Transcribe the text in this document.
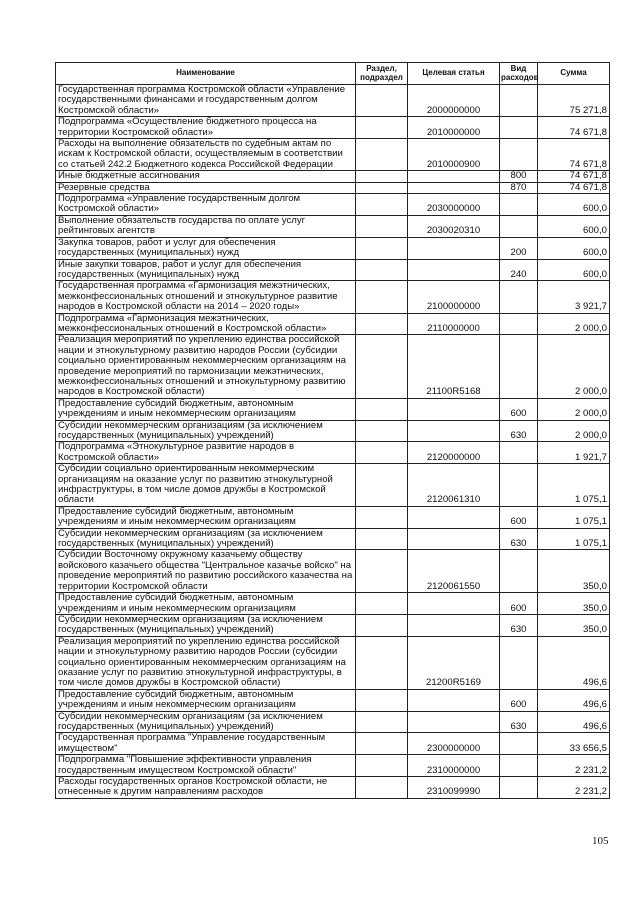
Наименование	Раздел, подраздел	Целевая статья	Вид расходов	Сумма
Государственная программа Костромской области «Управление государственными финансами и государственным долгом Костромской области»		2000000000		75 271,8
Подпрограмма «Осуществление бюджетного процесса на территории Костромской области»		2010000000		74 671,8
Расходы на выполнение обязательств по судебным актам по искам к Костромской области, осуществляемым в соответствии со статьей 242.2 Бюджетного кодекса Российской Федерации		2010000900		74 671,8
Иные бюджетные ассигнования			800	74 671,8
Резервные средства			870	74 671,8
Подпрограмма «Управление государственным долгом Костромской области»		2030000000		600,0
Выполнение обязательств государства по оплате услуг рейтинговых агентств		2030020310		600,0
Закупка товаров, работ и услуг для обеспечения государственных (муниципальных) нужд			200	600,0
Иные закупки товаров, работ и услуг для обеспечения государственных (муниципальных) нужд			240	600,0
Государственная программа «Гармонизация межэтнических, межконфессиональных отношений и этнокультурное развитие народов в Костромской области на 2014 – 2020 годы»		2100000000		3 921,7
Подпрограмма «Гармонизация межэтнических, межконфессиональных отношений в Костромской области»		2110000000		2 000,0
Реализация мероприятий по укреплению единства российской нации и этнокультурному развитию народов России (субсидии социально ориентированным некоммерческим организациям на проведение мероприятий по гармонизации межэтнических, межконфессиональных отношений и этнокультурному развитию народов в Костромской области)		21100R5168		2 000,0
Предоставление субсидий бюджетным, автономным учреждениям и иным некоммерческим организациям			600	2 000,0
Субсидии некоммерческим организациям (за исключением государственных (муниципальных) учреждений)			630	2 000,0
Подпрограмма «Этнокультурное развитие народов в Костромской области»		2120000000		1 921,7
Субсидии социально ориентированным некоммерческим организациям на оказание услуг по развитию этнокультурной инфраструктуры, в том числе домов дружбы в Костромской области		2120061310		1 075,1
Предоставление субсидий бюджетным, автономным учреждениям и иным некоммерческим организациям			600	1 075,1
Субсидии некоммерческим организациям (за исключением государственных (муниципальных) учреждений)			630	1 075,1
Субсидии Восточному окружному казачьему обществу войскового казачьего общества "Центральное казачье войско" на проведение мероприятий по развитию российского казачества на территории Костромской области		2120061550		350,0
Предоставление субсидий бюджетным, автономным учреждениям и иным некоммерческим организациям			600	350,0
Субсидии некоммерческим организациям (за исключением государственных (муниципальных) учреждений)			630	350,0
Реализация мероприятий по укреплению единства российской нации и этнокультурному развитию народов России (субсидии социально ориентированным некоммерческим организациям на оказание услуг по развитию этнокультурной инфраструктуры, в том числе домов дружбы в Костромской области)		21200R5169		496,6
Предоставление субсидий бюджетным, автономным учреждениям и иным некоммерческим организациям			600	496,6
Субсидии некоммерческим организациям (за исключением государственных (муниципальных) учреждений)			630	496,6
Государственная программа "Управление государственным имуществом"		2300000000		33 656,5
Подпрограмма "Повышение эффективности управления государственным имуществом Костромской области"		2310000000		2 231,2
Расходы государственных органов Костромской области, не отнесенные к другим направлениям расходов		2310099990		2 231,2
105
